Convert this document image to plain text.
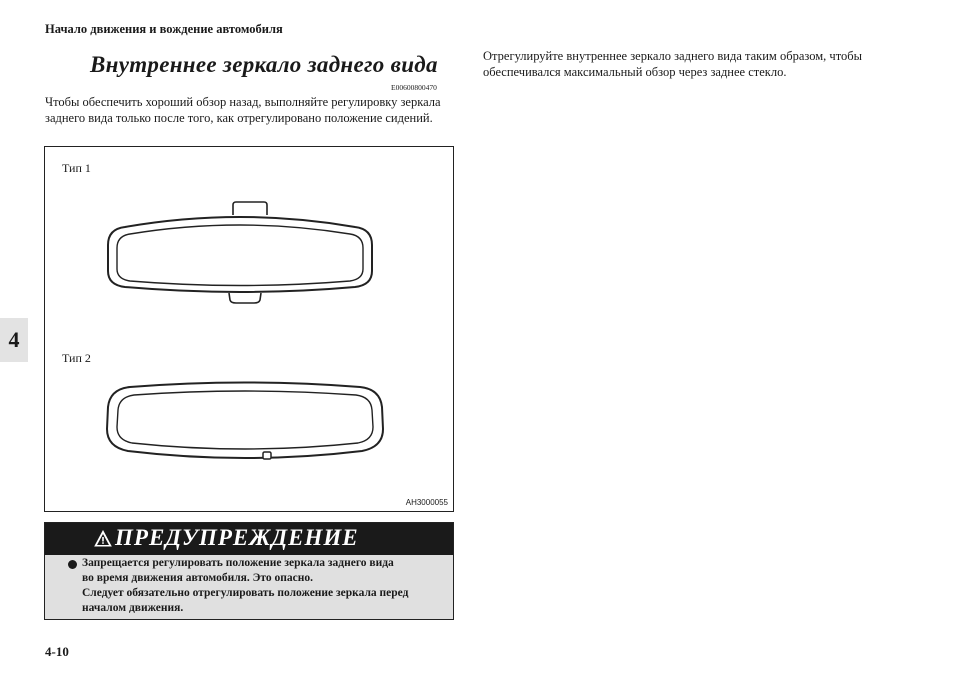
Начало движения и вождение автомобиля
4
Внутреннее зеркало заднего вида
E00600800470
Чтобы обеспечить хороший обзор назад, выполняйте регулировку зеркала заднего вида только после того, как отрегулировано положение сидений.
Тип 1
Тип 2
AH3000055
ПРЕДУПРЕЖДЕНИЕ
Запрещается регулировать положение зеркала заднего вида
во время движения автомобиля. Это опасно.
Следует обязательно отрегулировать положение зеркала перед
началом движения.
Отрегулируйте внутреннее зеркало заднего вида таким образом, чтобы обеспечивался максимальный обзор через заднее стекло.
4-10
